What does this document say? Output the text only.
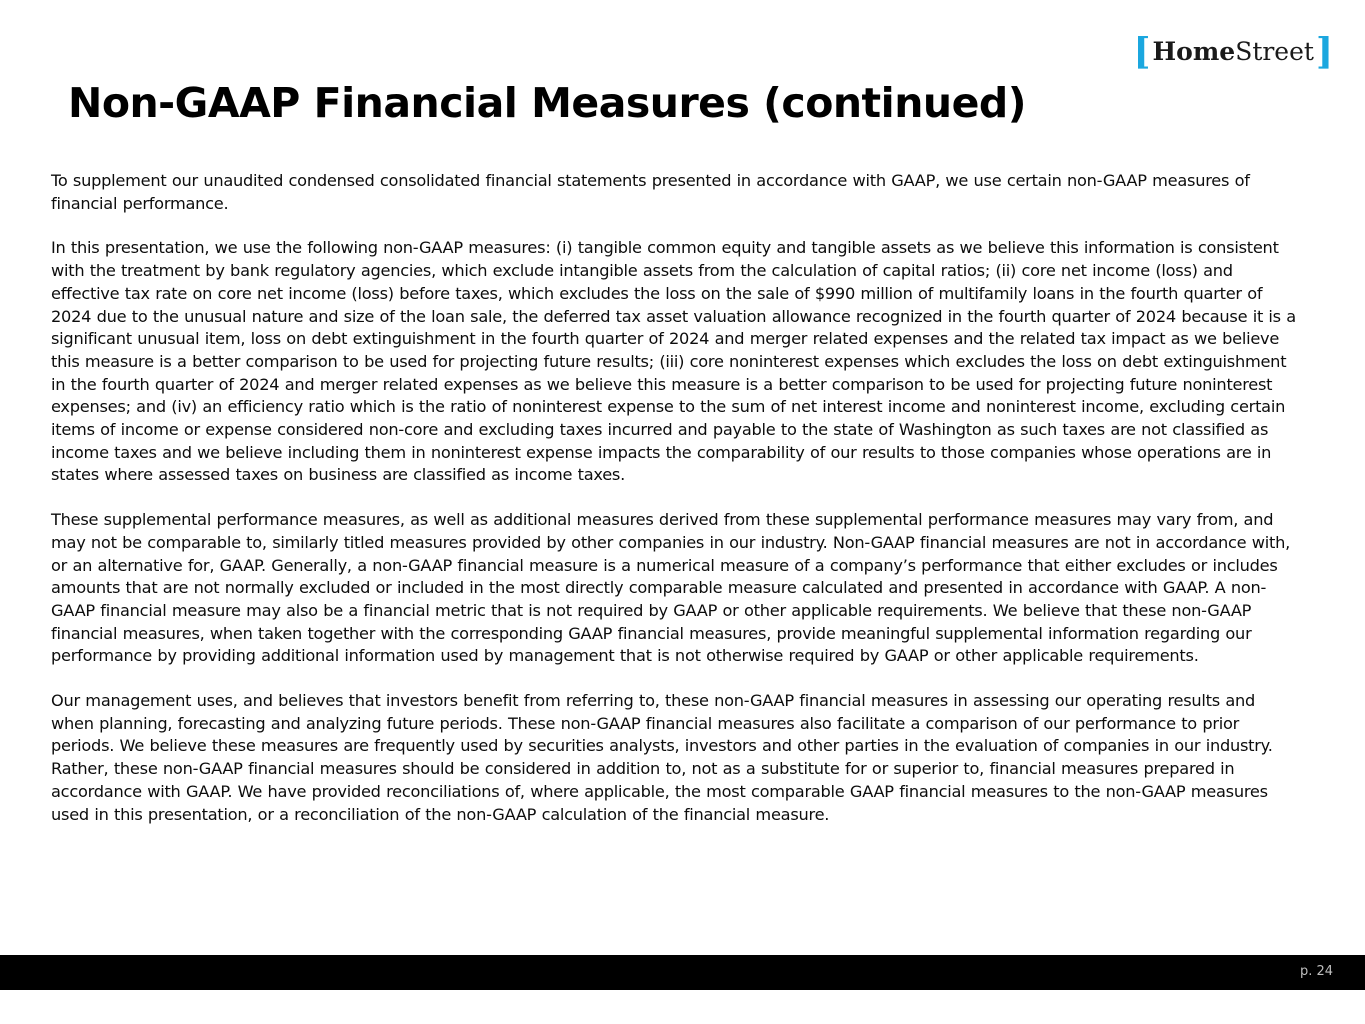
[ HomeStreet ]
Non-GAAP Financial Measures (continued)

To supplement our unaudited condensed consolidated financial statements presented in accordance with GAAP, we use certain non-GAAP measures of financial performance.

In this presentation, we use the following non-GAAP measures: (i) tangible common equity and tangible assets as we believe this information is consistent with the treatment by bank regulatory agencies, which exclude intangible assets from the calculation of capital ratios; (ii) core net income (loss) and effective tax rate on core net income (loss) before taxes, which excludes the loss on the sale of $990 million of multifamily loans in the fourth quarter of 2024 due to the unusual nature and size of the loan sale, the deferred tax asset valuation allowance recognized in the fourth quarter of 2024 because it is a significant unusual item, loss on debt extinguishment in the fourth quarter of 2024 and merger related expenses and the related tax impact as we believe this measure is a better comparison to be used for projecting future results; (iii) core noninterest expenses which excludes the loss on debt extinguishment in the fourth quarter of 2024 and merger related expenses as we believe this measure is a better comparison to be used for projecting future noninterest expenses; and (iv) an efficiency ratio which is the ratio of noninterest expense to the sum of net interest income and noninterest income, excluding certain items of income or expense considered non-core and excluding taxes incurred and payable to the state of Washington as such taxes are not classified as income taxes and we believe including them in noninterest expense impacts the comparability of our results to those companies whose operations are in states where assessed taxes on business are classified as income taxes.

These supplemental performance measures, as well as additional measures derived from these supplemental performance measures may vary from, and may not be comparable to, similarly titled measures provided by other companies in our industry. Non-GAAP financial measures are not in accordance with, or an alternative for, GAAP. Generally, a non-GAAP financial measure is a numerical measure of a company’s performance that either excludes or includes amounts that are not normally excluded or included in the most directly comparable measure calculated and presented in accordance with GAAP. A non-GAAP financial measure may also be a financial metric that is not required by GAAP or other applicable requirements. We believe that these non-GAAP financial measures, when taken together with the corresponding GAAP financial measures, provide meaningful supplemental information regarding our performance by providing additional information used by management that is not otherwise required by GAAP or other applicable requirements.

Our management uses, and believes that investors benefit from referring to, these non-GAAP financial measures in assessing our operating results and when planning, forecasting and analyzing future periods. These non-GAAP financial measures also facilitate a comparison of our performance to prior periods. We believe these measures are frequently used by securities analysts, investors and other parties in the evaluation of companies in our industry. Rather, these non-GAAP financial measures should be considered in addition to, not as a substitute for or superior to, financial measures prepared in accordance with GAAP. We have provided reconciliations of, where applicable, the most comparable GAAP financial measures to the non-GAAP measures used in this presentation, or a reconciliation of the non-GAAP calculation of the financial measure.

p. 24
